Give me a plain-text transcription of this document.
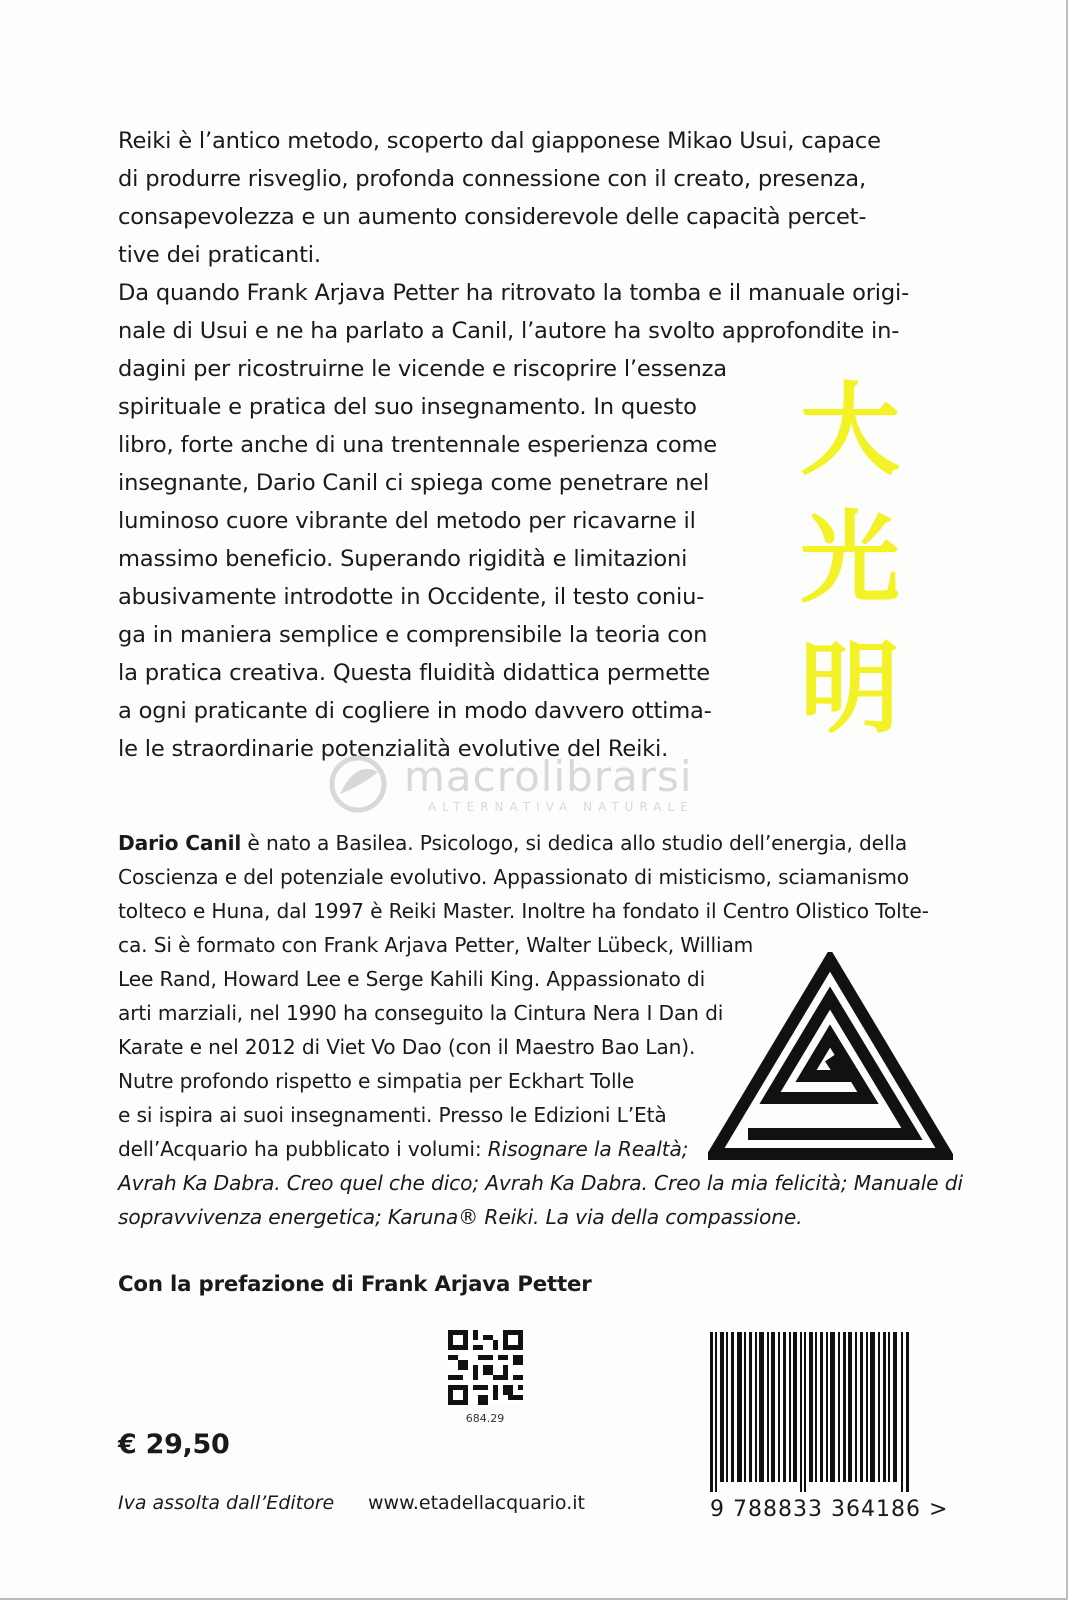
Reiki è l’antico metodo, scoperto dal giapponese Mikao Usui, capace
di produrre risveglio, profonda connessione con il creato, presenza,
consapevolezza e un aumento considerevole delle capacità percet-
tive dei praticanti.
Da quando Frank Arjava Petter ha ritrovato la tomba e il manuale origi-
nale di Usui e ne ha parlato a Canil, l’autore ha svolto approfondite in-
dagini per ricostruirne le vicende e riscoprire l’essenza
spirituale e pratica del suo insegnamento. In questo
libro, forte anche di una trentennale esperienza come
insegnante, Dario Canil ci spiega come penetrare nel
luminoso cuore vibrante del metodo per ricavarne il
massimo beneficio. Superando rigidità e limitazioni
abusivamente introdotte in Occidente, il testo coniu-
ga in maniera semplice e comprensibile la teoria con
la pratica creativa. Questa fluidità didattica permette
a ogni praticante di cogliere in modo davvero ottima-
le le straordinarie potenzialità evolutive del Reiki.
大
光
明
macrolibrarsi
ALTERNATIVA NATURALE
Dario Canil è nato a Basilea. Psicologo, si dedica allo studio dell’energia, della
Coscienza e del potenziale evolutivo. Appassionato di misticismo, sciamanismo
tolteco e Huna, dal 1997 è Reiki Master. Inoltre ha fondato il Centro Olistico Tolte-
ca. Si è formato con Frank Arjava Petter, Walter Lübeck, William
Lee Rand, Howard Lee e Serge Kahili King. Appassionato di
arti marziali, nel 1990 ha conseguito la Cintura Nera I Dan di
Karate e nel 2012 di Viet Vo Dao (con il Maestro Bao Lan).
Nutre profondo rispetto e simpatia per Eckhart Tolle
e si ispira ai suoi insegnamenti. Presso le Edizioni L’Età
dell’Acquario ha pubblicato i volumi: Risognare la Realtà;
Avrah Ka Dabra. Creo quel che dico; Avrah Ka Dabra. Creo la mia felicità; Manuale di
sopravvivenza energetica; Karuna® Reiki. La via della compassione.
Con la prefazione di Frank Arjava Petter
684.29
9 788833 364186 >
€ 29,50
Iva assolta dall’Editore www.etadellacquario.it
